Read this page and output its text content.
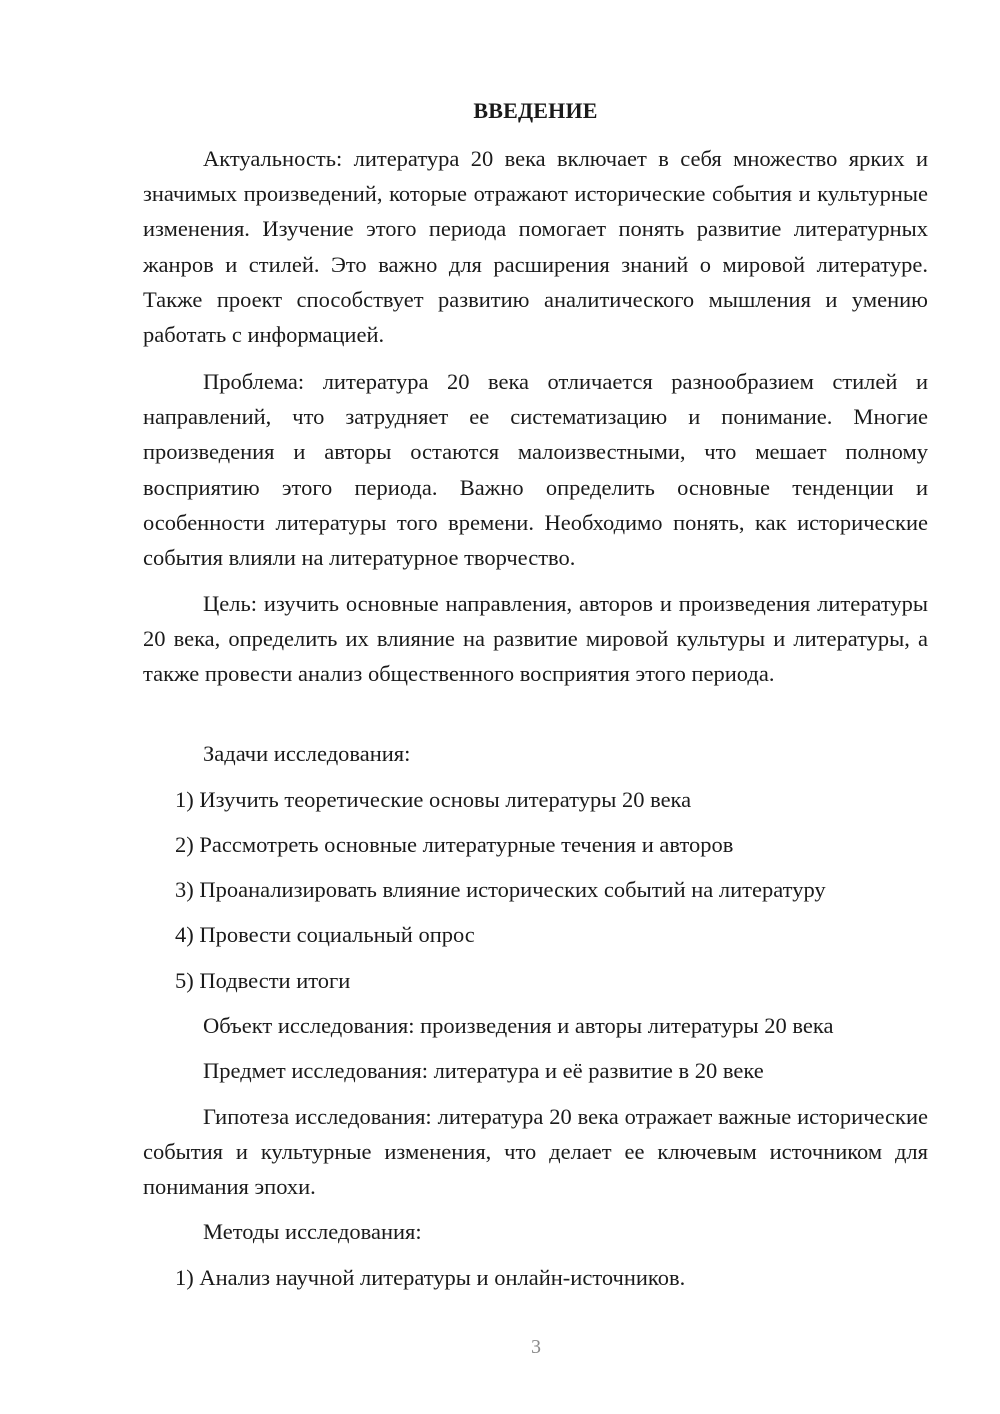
ВВЕДЕНИЕ

Актуальность: литература 20 века включает в себя множество ярких и значимых произведений, которые отражают исторические события и культурные изменения. Изучение этого периода помогает понять развитие литературных жанров и стилей. Это важно для расширения знаний о мировой литературе. Также проект способствует развитию аналитического мышления и умению работать с информацией.

Проблема: литература 20 века отличается разнообразием стилей и направлений, что затрудняет ее систематизацию и понимание. Многие произведения и авторы остаются малоизвестными, что мешает полному восприятию этого периода. Важно определить основные тенденции и особенности литературы того времени. Необходимо понять, как исторические события влияли на литературное творчество.

Цель: изучить основные направления, авторов и произведения литературы 20 века, определить их влияние на развитие мировой культуры и литературы, а также провести анализ общественного восприятия этого периода.

Задачи исследования:
1) Изучить теоретические основы литературы 20 века
2) Рассмотреть основные литературные течения и авторов
3) Проанализировать влияние исторических событий на литературу
4) Провести социальный опрос
5) Подвести итоги
Объект исследования: произведения и авторы литературы 20 века
Предмет исследования: литература и её развитие в 20 веке

Гипотеза исследования: литература 20 века отражает важные исторические события и культурные изменения, что делает ее ключевым источником для понимания эпохи.

Методы исследования:
1) Анализ научной литературы и онлайн-источников.
3
